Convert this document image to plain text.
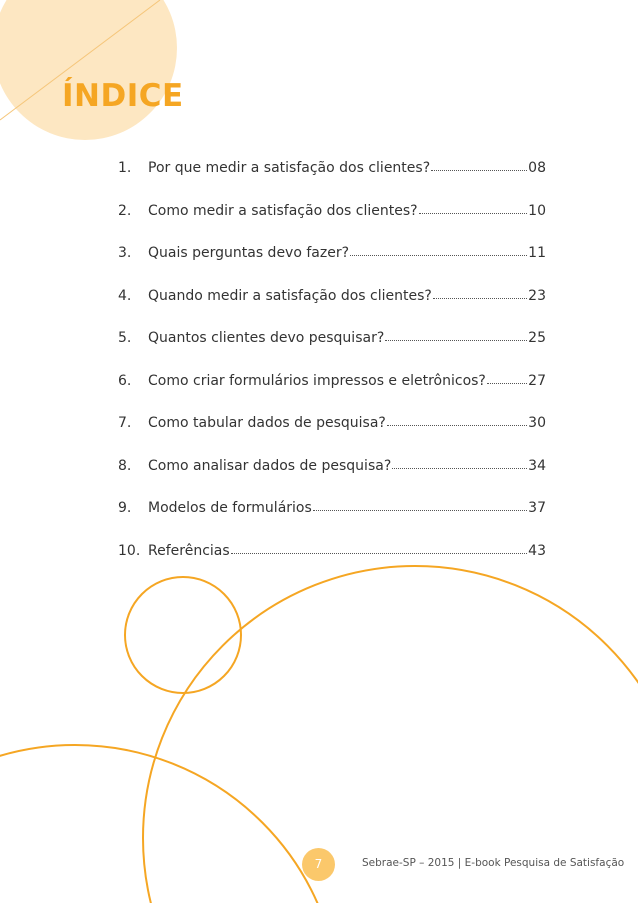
ÍNDICE
1.	Por que medir a satisfação dos clientes?	08
2.	Como medir a satisfação dos clientes?	10
3.	Quais perguntas devo fazer?	11
4.	Quando medir a satisfação dos clientes?	23
5.	Quantos clientes devo pesquisar?	25
6.	Como criar formulários impressos e eletrônicos?	27
7.	Como tabular dados de pesquisa?	30
8.	Como analisar dados de pesquisa?	34
9.	Modelos de formulários	37
10. Referências	43
7	Sebrae-SP – 2015 | E-book Pesquisa de Satisfação
